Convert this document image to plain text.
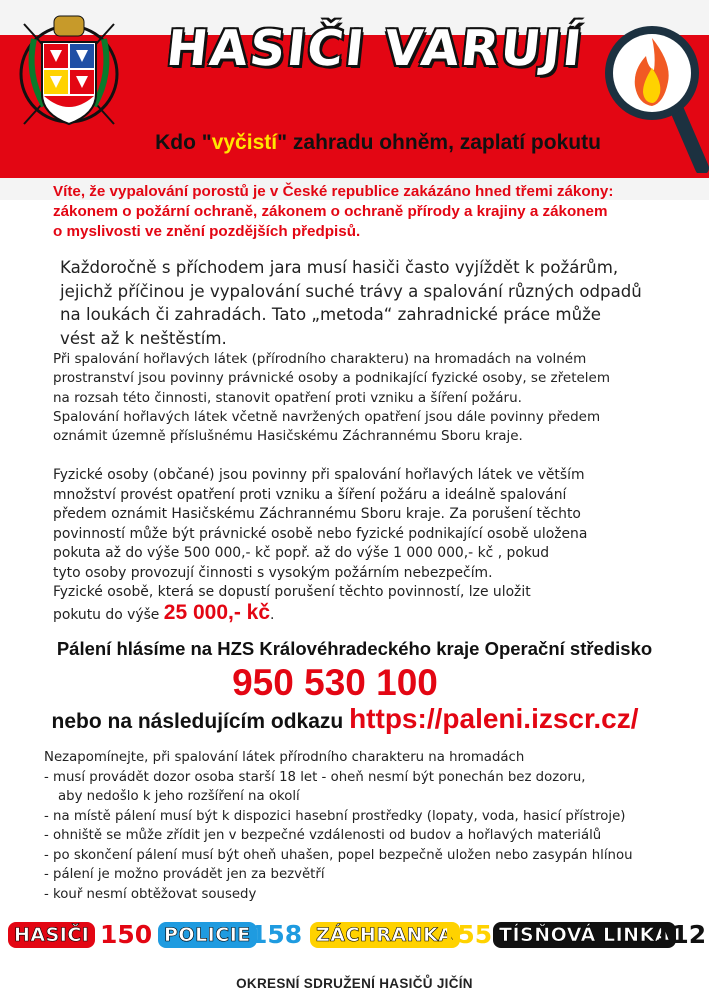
HASIČI VARUJÍ
Kdo "vyčistí" zahradu ohněm, zaplatí pokutu
Víte, že vypalování porostů je v České republice zakázáno hned třemi zákony:
zákonem o požární ochraně, zákonem o ochraně přírody a krajiny a zákonem
o myslivosti ve znění pozdějších předpisů.
Každoročně s příchodem jara musí hasiči často vyjíždět k požárům,
jejichž příčinou je vypalování suché trávy a spalování různých odpadů
na loukách či zahradách. Tato „metoda“ zahradnické práce může
vést až k neštěstím.
Při spalování hořlavých látek (přírodního charakteru) na hromadách na volném
prostranství jsou povinny právnické osoby a podnikající fyzické osoby, se zřetelem
na rozsah této činnosti, stanovit opatření proti vzniku a šíření požáru.
Spalování hořlavých látek včetně navržených opatření jsou dále povinny předem
oznámit územně příslušnému Hasičskému Záchrannému Sboru kraje.
Fyzické osoby (občané) jsou povinny při spalování hořlavých látek ve větším
množství provést opatření proti vzniku a šíření požáru a ideálně spalování
předem oznámit Hasičskému Záchrannému Sboru kraje. Za porušení těchto
povinností může být právnické osobě nebo fyzické podnikající osobě uložena
pokuta až do výše 500 000,- kč popř. až do výše 1 000 000,- kč , pokud
tyto osoby provozují činnosti s vysokým požárním nebezpečím.
Fyzické osobě, která se dopustí porušení těchto povinností, lze uložit
pokutu do výše 25 000,- kč.
Pálení hlásíme na HZS Královéhradeckého kraje Operační středisko
950 530 100
nebo na následujícím odkazu https://paleni.izscr.cz/
Nezapomínejte, při spalování látek přírodního charakteru na hromadách
- musí provádět dozor osoba starší 18 let - oheň nesmí být ponechán bez dozoru,
aby nedošlo k jeho rozšíření na okolí
- na místě pálení musí být k dispozici hasební prostředky (lopaty, voda, hasicí přístroje)
- ohniště se může zřídit jen v bezpečné vzdálenosti od budov a hořlavých materiálů
- po skončení pálení musí být oheň uhašen, popel bezpečně uložen nebo zasypán hlínou
- pálení je možno provádět jen za bezvětří
- kouř nesmí obtěžovat sousedy
HASIČI 150 POLICIE 158 ZÁCHRANKA
155 TÍSŇOVÁ LINKA
112
OKRESNÍ SDRUŽENÍ HASIČŮ JIČÍN
